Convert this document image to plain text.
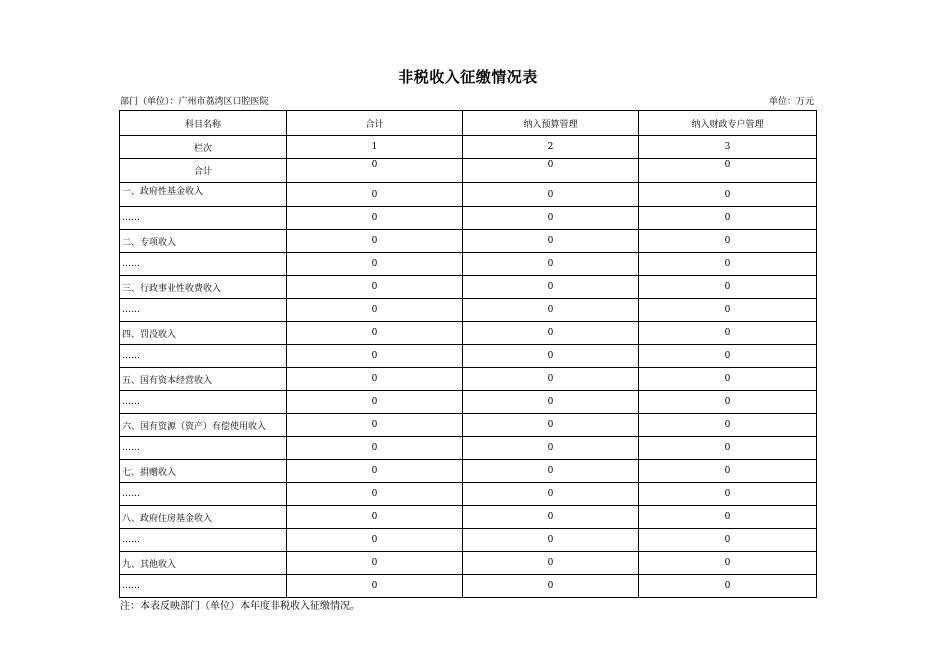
非税收入征缴情况表
部门（单位）：广州市荔湾区口腔医院	单位：万元
科目名称	合计	纳入预算管理	纳入财政专户管理
栏次	1	2	3
合计	0	0	0
一、政府性基金收入	0	0	0
……	0	0	0
二、专项收入	0	0	0
……	0	0	0
三、行政事业性收费收入	0	0	0
……	0	0	0
四、罚没收入	0	0	0
……	0	0	0
五、国有资本经营收入	0	0	0
……	0	0	0
六、国有资源（资产）有偿使用收入	0	0	0
……	0	0	0
七、捐赠收入	0	0	0
……	0	0	0
八、政府住房基金收入	0	0	0
……	0	0	0
九、其他收入	0	0	0
……	0	0	0
注：本表反映部门（单位）本年度非税收入征缴情况。
